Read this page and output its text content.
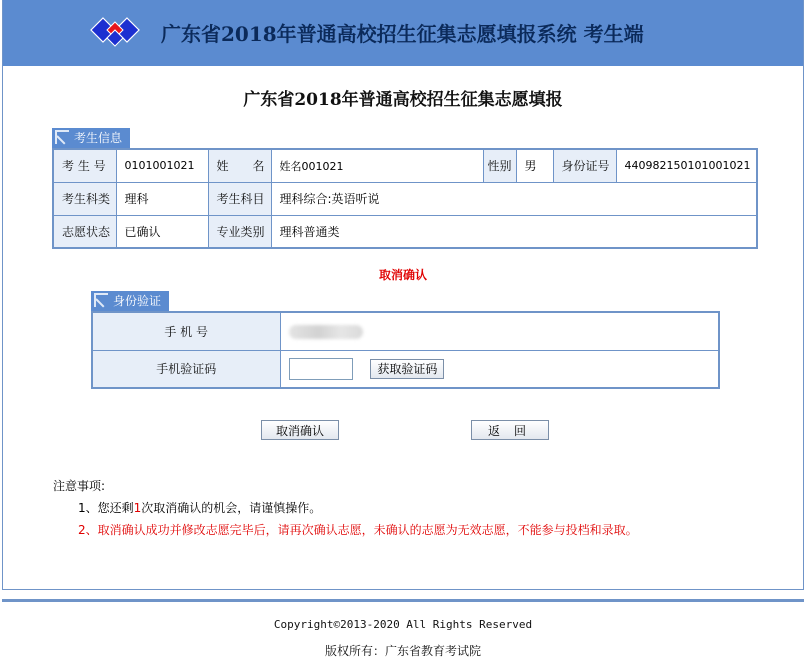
广东省2018年普通高校招生征集志愿填报系统 考生端
广东省2018年普通高校招生征集志愿填报
考生信息
考 生 号	0101001021	姓　　名	姓名001021	性别	男	身份证号	440982150101001021
考生科类	理科	考生科目	理科综合:英语听说				
志愿状态	已确认	专业类别	理科普通类				
取消确认
身份验证
手 机 号	
手机验证码	获取验证码
取消确认	返回
注意事项:
1、您还剩1次取消确认的机会，请谨慎操作。
2、取消确认成功并修改志愿完毕后，请再次确认志愿，未确认的志愿为无效志愿，不能参与投档和录取。
Copyright©2013-2020 All Rights Reserved
版权所有：广东省教育考试院
